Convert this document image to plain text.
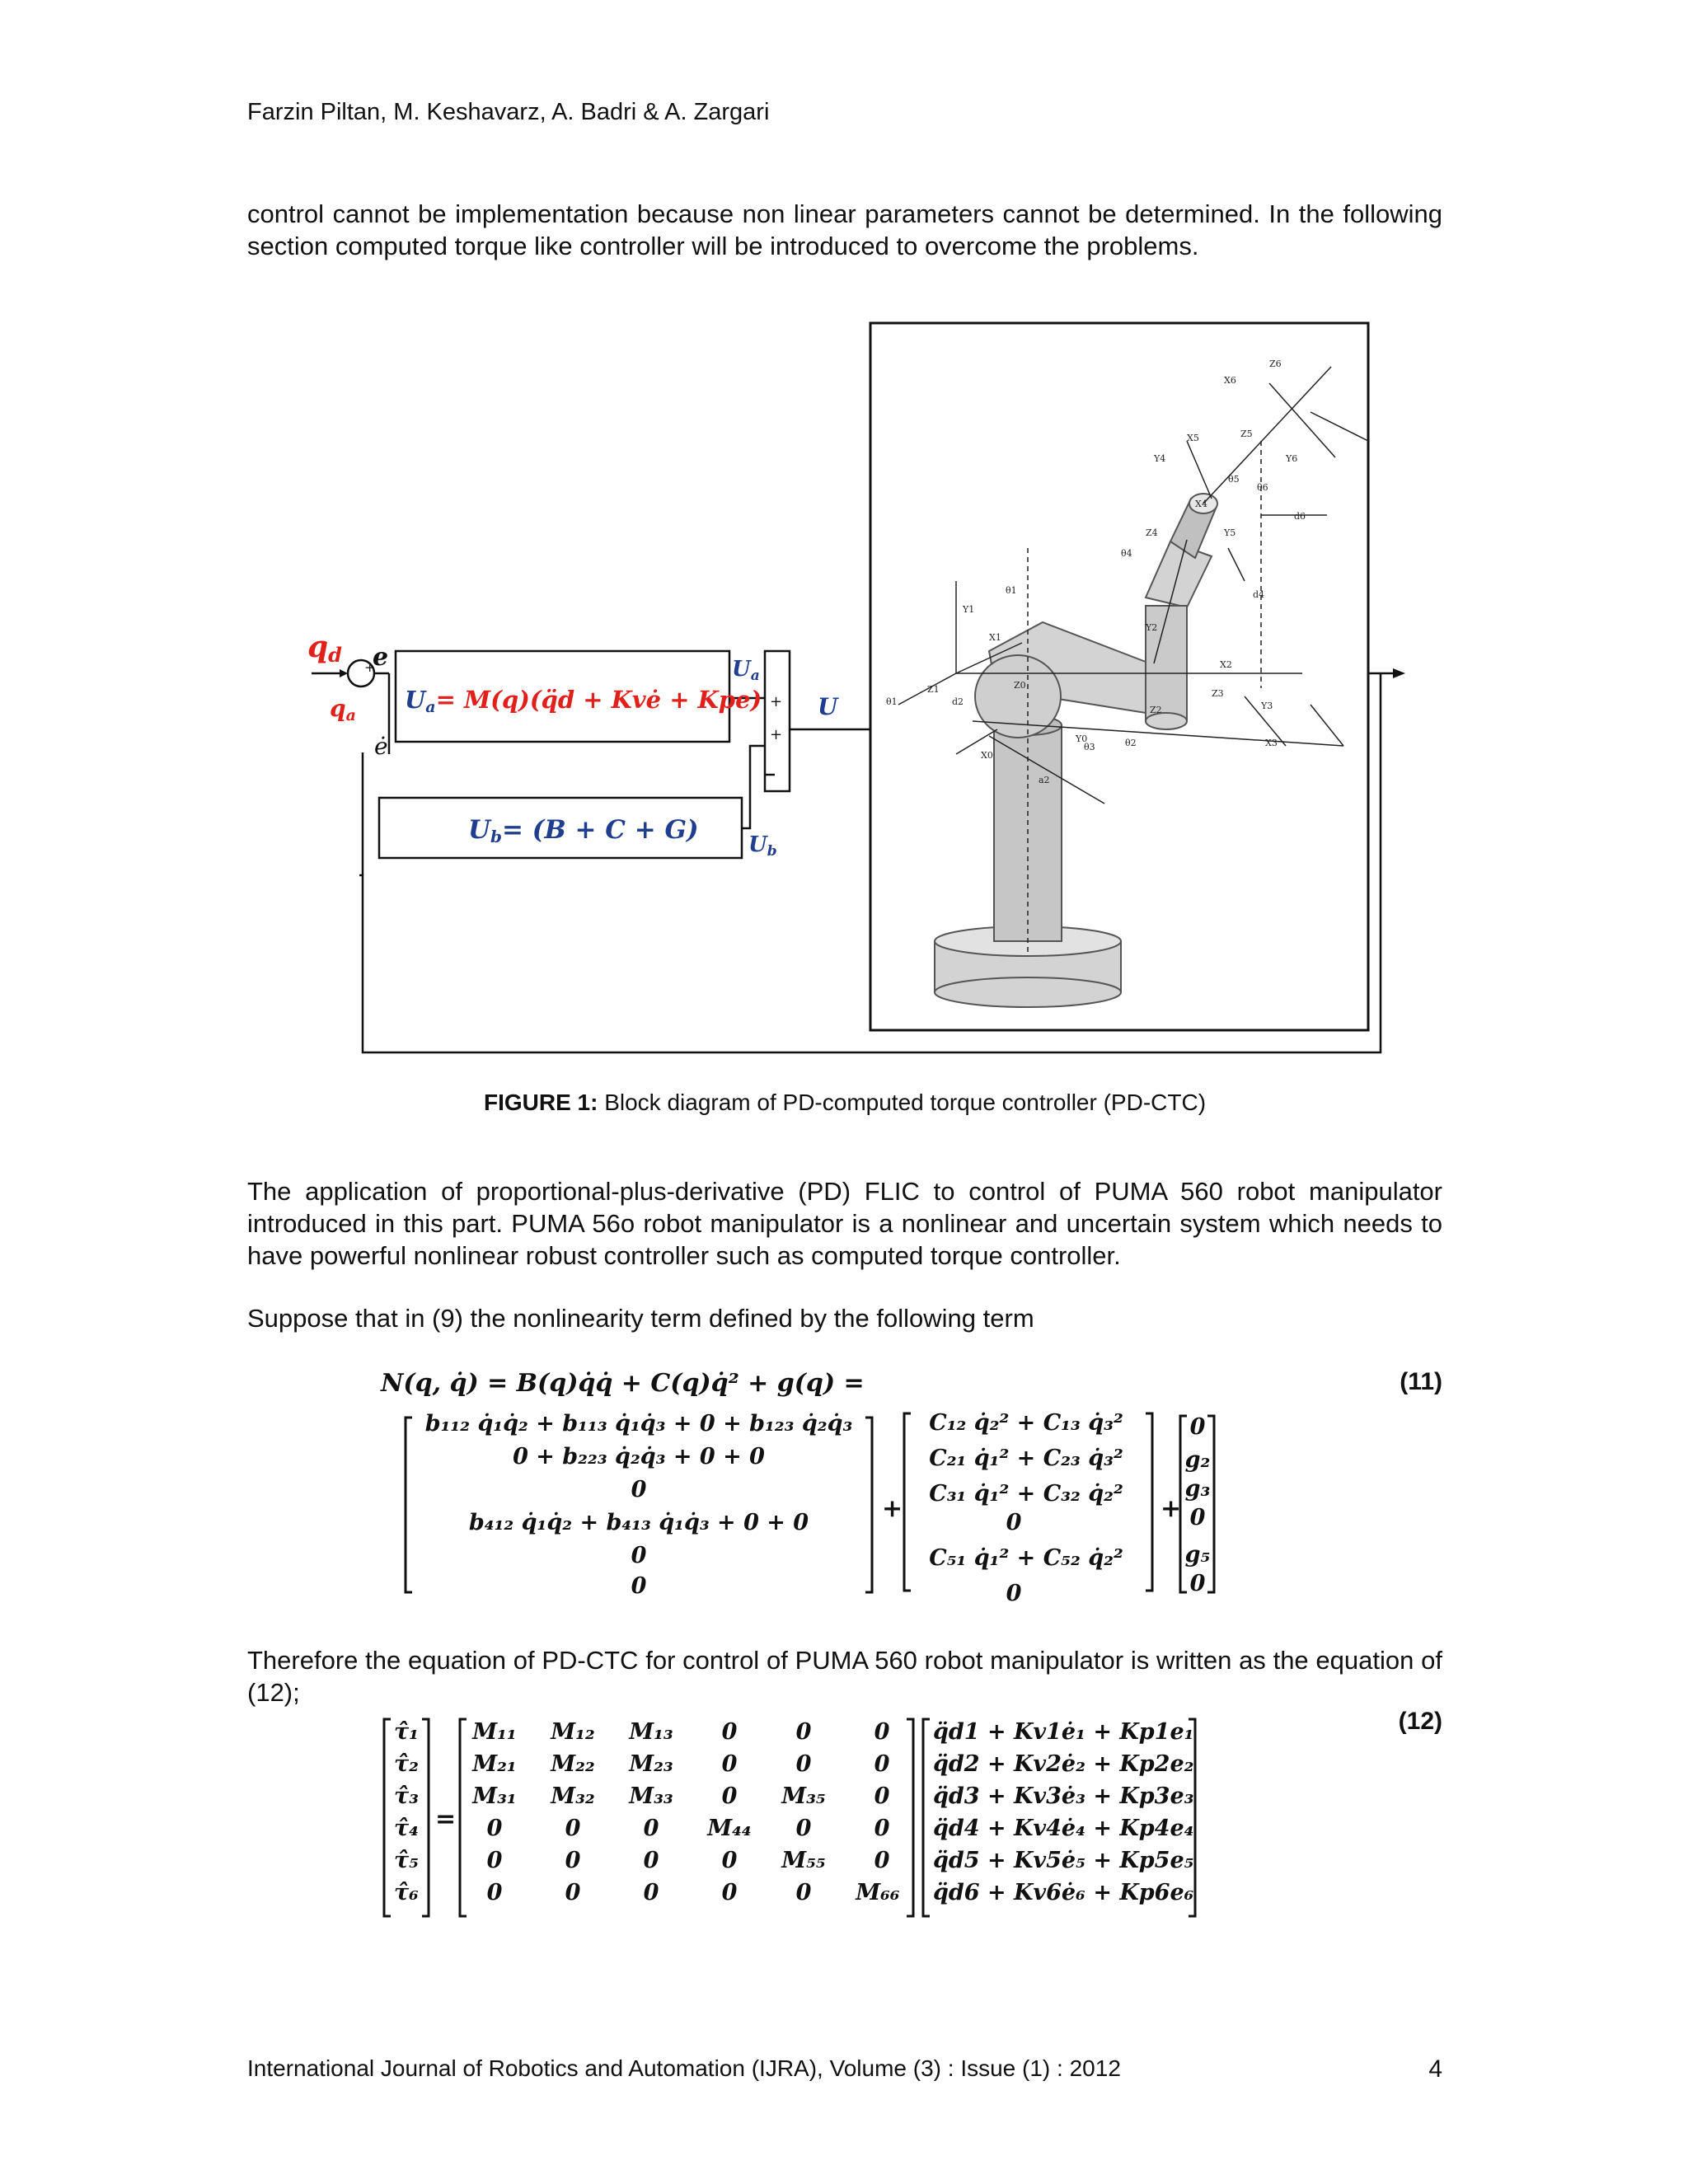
Farzin Piltan, M. Keshavarz, A. Badri & A. Zargari
control cannot be implementation because non linear parameters cannot be determined. In the following section computed torque like controller will be introduced to overcome the problems.
Z6
X6
X5	Z5
Y6
Y4
d6
Z4
X4
Y5
θ5
θ6
θ4
d4
Y1
X1
Z1
d2
θ1
Z0
Y2
X2
Z2
Z3
Y3
X3
Y0
θ3	θ2
a2
X0
θ1
qd
qa
e
ė
+
Ua= M(q)(q̈d + Kvė + Kpe)
Ub= (B + C + G)
Ua
Ub
U
+
+
FIGURE 1: Block diagram of PD-computed torque controller (PD-CTC)
The application of proportional-plus-derivative (PD) FLIC to control of PUMA 560 robot manipulator introduced in this part. PUMA 56o robot manipulator is a nonlinear and uncertain system which needs to have powerful nonlinear robust controller such as computed torque controller.
Suppose that in (9) the nonlinearity term defined by the following term
(11)
N(q, q̇) = B(q)q̇q̇ + C(q)q̇² + g(q) =
b₁₁₂ q̇₁q̇₂ + b₁₁₃ q̇₁q̇₃ + 0 + b₁₂₃ q̇₂q̇₃
0 + b₂₂₃ q̇₂q̇₃ + 0 + 0
0
b₄₁₂ q̇₁q̇₂ + b₄₁₃ q̇₁q̇₃ + 0 + 0
0
0
+
C₁₂ q̇₂² + C₁₃ q̇₃²
C₂₁ q̇₁² + C₂₃ q̇₃²
C₃₁ q̇₁² + C₃₂ q̇₂²
0
C₅₁ q̇₁² + C₅₂ q̇₂²
0
+
0
g₂
g₃
0
g₅
0
Therefore the equation of PD-CTC for control of PUMA 560 robot manipulator is written as the equation of (12);
(12)
τ̂₁
τ̂₂
τ̂₃
τ̂₄
τ̂₅
τ̂₆
=
M₁₁ M₁₂ M₁₃ 0	0	0
M₂₁ M₂₂ M₂₃ 0	0	0
M₃₁ M₃₂ M₃₃ 0 M₃₅ 0
0	0	0 M₄₄ 0	0
0	0	0	0 M₅₅ 0
0	0	0	0	0 M₆₆
q̈d1 + Kv1ė₁ + Kp1e₁
q̈d2 + Kv2ė₂ + Kp2e₂
q̈d3 + Kv3ė₃ + Kp3e₃
q̈d4 + Kv4ė₄ + Kp4e₄
q̈d5 + Kv5ė₅ + Kp5e₅
q̈d6 + Kv6ė₆ + Kp6e₆
International Journal of Robotics and Automation (IJRA), Volume (3) : Issue (1) : 2012	4
